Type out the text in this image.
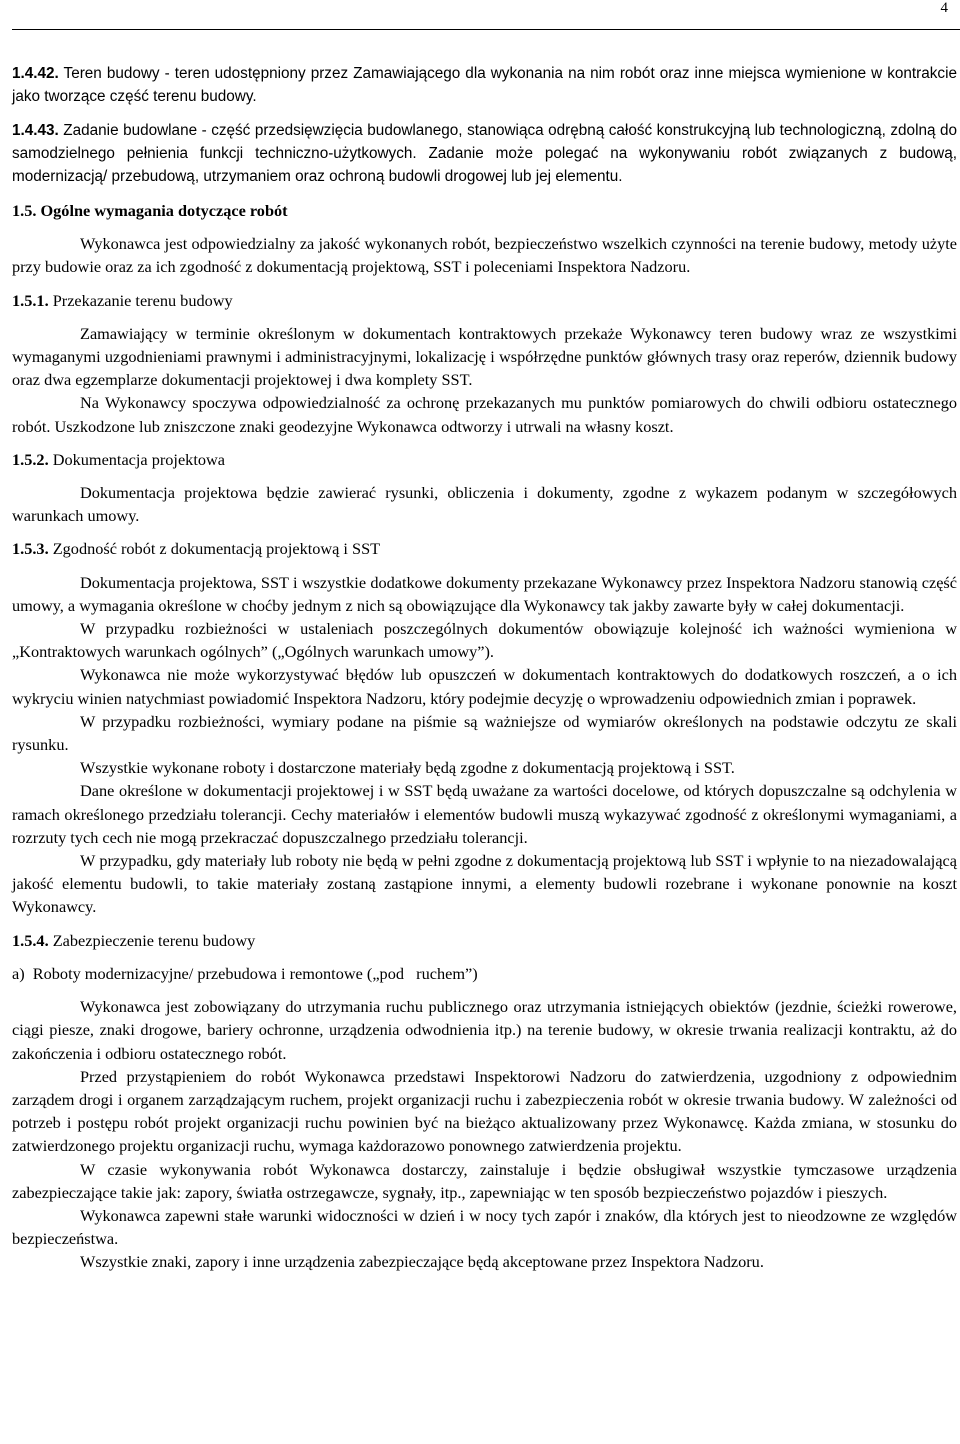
4

1.4.42. Teren budowy - teren udostępniony przez Zamawiającego dla wykonania na nim robót oraz inne miejsca wymienione w kontrakcie jako tworzące część terenu budowy.

1.4.43. Zadanie budowlane - część przedsięwzięcia budowlanego, stanowiąca odrębną całość konstrukcyjną lub technologiczną, zdolną do samodzielnego pełnienia funkcji techniczno-użytkowych. Zadanie może polegać na wykonywaniu robót związanych z budową, modernizacją/ przebudową, utrzymaniem oraz ochroną budowli drogowej lub jej elementu.

1.5. Ogólne wymagania dotyczące robót

Wykonawca jest odpowiedzialny za jakość wykonanych robót, bezpieczeństwo wszelkich czynności na terenie budowy, metody użyte przy budowie oraz za ich zgodność z dokumentacją projektową, SST i poleceniami Inspektora Nadzoru.

1.5.1. Przekazanie terenu budowy

Zamawiający w terminie określonym w dokumentach kontraktowych przekaże Wykonawcy teren budowy wraz ze wszystkimi wymaganymi uzgodnieniami prawnymi i administracyjnymi, lokalizację i współrzędne punktów głównych trasy oraz reperów, dziennik budowy oraz dwa egzemplarze dokumentacji projektowej i dwa komplety SST.

Na Wykonawcy spoczywa odpowiedzialność za ochronę przekazanych mu punktów pomiarowych do chwili odbioru ostatecznego robót. Uszkodzone lub zniszczone znaki geodezyjne Wykonawca odtworzy i utrwali na własny koszt.

1.5.2. Dokumentacja projektowa

Dokumentacja projektowa będzie zawierać rysunki, obliczenia i dokumenty, zgodne z wykazem podanym w szczegółowych warunkach umowy.

1.5.3. Zgodność robót z dokumentacją projektową i SST

Dokumentacja projektowa, SST i wszystkie dodatkowe dokumenty przekazane Wykonawcy przez Inspektora Nadzoru stanowią część umowy, a wymagania określone w choćby jednym z nich są obowiązujące dla Wykonawcy tak jakby zawarte były w całej dokumentacji.

W przypadku rozbieżności w ustaleniach poszczególnych dokumentów obowiązuje kolejność ich ważności wymieniona w „Kontraktowych warunkach ogólnych” („Ogólnych warunkach umowy”).

Wykonawca nie może wykorzystywać błędów lub opuszczeń w dokumentach kontraktowych do dodatkowych roszczeń, a o ich wykryciu winien natychmiast powiadomić Inspektora Nadzoru, który podejmie decyzję o wprowadzeniu odpowiednich zmian i poprawek.

W przypadku rozbieżności, wymiary podane na piśmie są ważniejsze od wymiarów określonych na podstawie odczytu ze skali rysunku.

Wszystkie wykonane roboty i dostarczone materiały będą zgodne z dokumentacją projektową i SST.

Dane określone w dokumentacji projektowej i w SST będą uważane za wartości docelowe, od których dopuszczalne są odchylenia w ramach określonego przedziału tolerancji. Cechy materiałów i elementów budowli muszą wykazywać zgodność z określonymi wymaganiami, a rozrzuty tych cech nie mogą przekraczać dopuszczalnego przedziału tolerancji.

W przypadku, gdy materiały lub roboty nie będą w pełni zgodne z dokumentacją projektową lub SST i wpłynie to na niezadowalającą jakość elementu budowli, to takie materiały zostaną zastąpione innymi, a elementy budowli rozebrane i wykonane ponownie na koszt Wykonawcy.

1.5.4. Zabezpieczenie terenu budowy

a)  Roboty modernizacyjne/ przebudowa i remontowe („pod   ruchem”)

Wykonawca jest zobowiązany do utrzymania ruchu publicznego oraz utrzymania istniejących obiektów (jezdnie, ścieżki rowerowe, ciągi piesze, znaki drogowe, bariery ochronne, urządzenia odwodnienia itp.) na terenie budowy, w okresie trwania realizacji kontraktu, aż do zakończenia i odbioru ostatecznego robót.

Przed przystąpieniem do robót Wykonawca przedstawi Inspektorowi Nadzoru do zatwierdzenia, uzgodniony z odpowiednim zarządem drogi i organem zarządzającym ruchem, projekt organizacji ruchu i zabezpieczenia robót w okresie trwania budowy. W zależności od potrzeb i postępu robót projekt organizacji ruchu powinien być na bieżąco aktualizowany przez Wykonawcę. Każda zmiana, w stosunku do zatwierdzonego projektu organizacji ruchu, wymaga każdorazowo ponownego zatwierdzenia projektu.

W czasie wykonywania robót Wykonawca dostarczy, zainstaluje i będzie obsługiwał wszystkie tymczasowe urządzenia zabezpieczające takie jak: zapory, światła ostrzegawcze, sygnały, itp., zapewniając w ten sposób bezpieczeństwo pojazdów i pieszych.

Wykonawca zapewni stałe warunki widoczności w dzień i w nocy tych zapór i znaków, dla których jest to nieodzowne ze względów bezpieczeństwa.

Wszystkie znaki, zapory i inne urządzenia zabezpieczające będą akceptowane przez Inspektora Nadzoru.
